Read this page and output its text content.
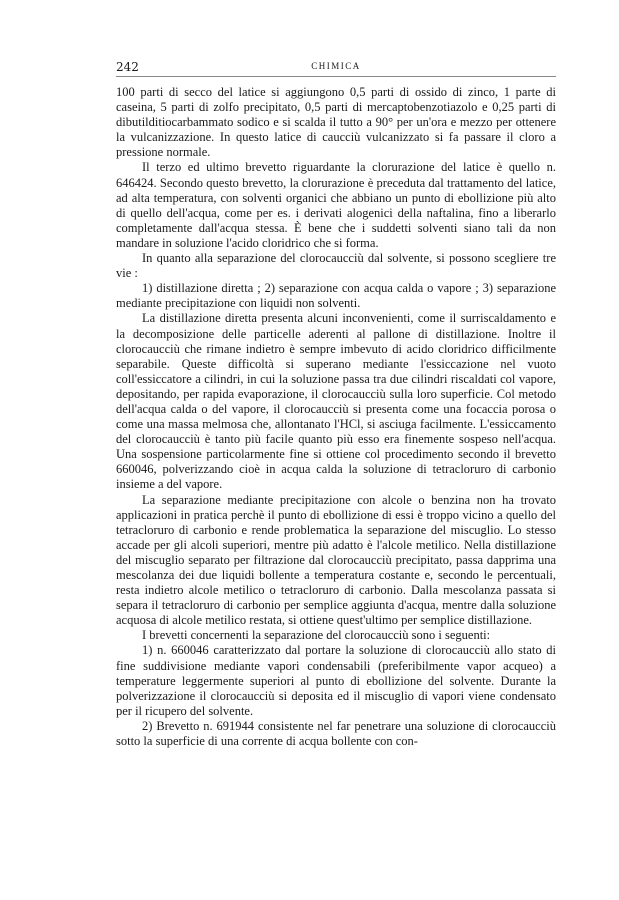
242	CHIMICA

100 parti di secco del latice si aggiungono 0,5 parti di ossido di zinco, 1 parte di caseina, 5 parti di zolfo precipitato, 0,5 parti di mercaptobenzotiazolo e 0,25 parti di dibutilditiocarbammato sodico e si scalda il tutto a 90° per un'ora e mezzo per ottenere la vulcanizzazione. In questo latice di caucciù vulcanizzato si fa passare il cloro a pressione normale.

Il terzo ed ultimo brevetto riguardante la clorurazione del latice è quello n. 646424. Secondo questo brevetto, la clorurazione è preceduta dal trattamento del latice, ad alta temperatura, con solventi organici che abbiano un punto di ebollizione più alto di quello dell'acqua, come per es. i derivati alogenici della naftalina, fino a liberarlo completamente dall'acqua stessa. È bene che i suddetti solventi siano tali da non mandare in soluzione l'acido cloridrico che si forma.

In quanto alla separazione del clorocaucciù dal solvente, si possono scegliere tre vie :

1) distillazione diretta ; 2) separazione con acqua calda o vapore ; 3) separazione mediante precipitazione con liquidi non solventi.

La distillazione diretta presenta alcuni inconvenienti, come il surriscaldamento e la decomposizione delle particelle aderenti al pallone di distillazione. Inoltre il clorocaucciù che rimane indietro è sempre imbevuto di acido cloridrico difficilmente separabile. Queste difficoltà si superano mediante l'essiccazione nel vuoto coll'essiccatore a cilindri, in cui la soluzione passa tra due cilindri riscaldati col vapore, depositando, per rapida evaporazione, il clorocaucciù sulla loro superficie. Col metodo dell'acqua calda o del vapore, il clorocaucciù si presenta come una focaccia porosa o come una massa melmosa che, allontanato l'HCl, si asciuga facilmente. L'essiccamento del clorocaucciù è tanto più facile quanto più esso era finemente sospeso nell'acqua. Una sospensione particolarmente fine si ottiene col procedimento secondo il brevetto 660046, polverizzando cioè in acqua calda la soluzione di tetracloruro di carbonio insieme a del vapore.

La separazione mediante precipitazione con alcole o benzina non ha trovato applicazioni in pratica perchè il punto di ebollizione di essi è troppo vicino a quello del tetracloruro di carbonio e rende problematica la separazione del miscuglio. Lo stesso accade per gli alcoli superiori, mentre più adatto è l'alcole metilico. Nella distillazione del miscuglio separato per filtrazione dal clorocaucciù precipitato, passa dapprima una mescolanza dei due liquidi bollente a temperatura costante e, secondo le percentuali, resta indietro alcole metilico o tetracloruro di carbonio. Dalla mescolanza passata si separa il tetracloruro di carbonio per semplice aggiunta d'acqua, mentre dalla soluzione acquosa di alcole metilico restata, si ottiene quest'ultimo per semplice distillazione.

I brevetti concernenti la separazione del clorocaucciù sono i seguenti:

1) n. 660046 caratterizzato dal portare la soluzione di clorocaucciù allo stato di fine suddivisione mediante vapori condensabili (preferibilmente vapor acqueo) a temperature leggermente superiori al punto di ebollizione del solvente. Durante la polverizzazione il clorocaucciù si deposita ed il miscuglio di vapori viene condensato per il ricupero del solvente.

2) Brevetto n. 691944 consistente nel far penetrare una soluzione di clorocaucciù sotto la superficie di una corrente di acqua bollente con con-
